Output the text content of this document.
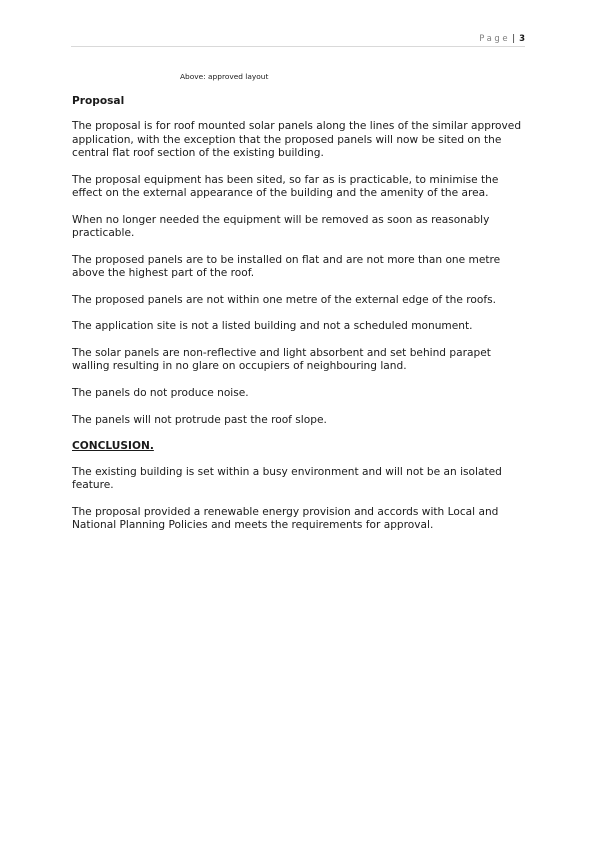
Page | 3
Above: approved layout
Proposal
The proposal is for roof mounted solar panels along the lines of the similar approved
application, with the exception that the proposed panels will now be sited on the
central flat roof section of the existing building.
The proposal equipment has been sited, so far as is practicable, to minimise the
effect on the external appearance of the building and the amenity of the area.
When no longer needed the equipment will be removed as soon as reasonably
practicable.
The proposed panels are to be installed on flat and are not more than one metre
above the highest part of the roof.
The proposed panels are not within one metre of the external edge of the roofs.
The application site is not a listed building and not a scheduled monument.
The solar panels are non-reflective and light absorbent and set behind parapet
walling resulting in no glare on occupiers of neighbouring land.
The panels do not produce noise.
The panels will not protrude past the roof slope.
CONCLUSION.
The existing building is set within a busy environment and will not be an isolated
feature.
The proposal provided a renewable energy provision and accords with Local and
National Planning Policies and meets the requirements for approval.
